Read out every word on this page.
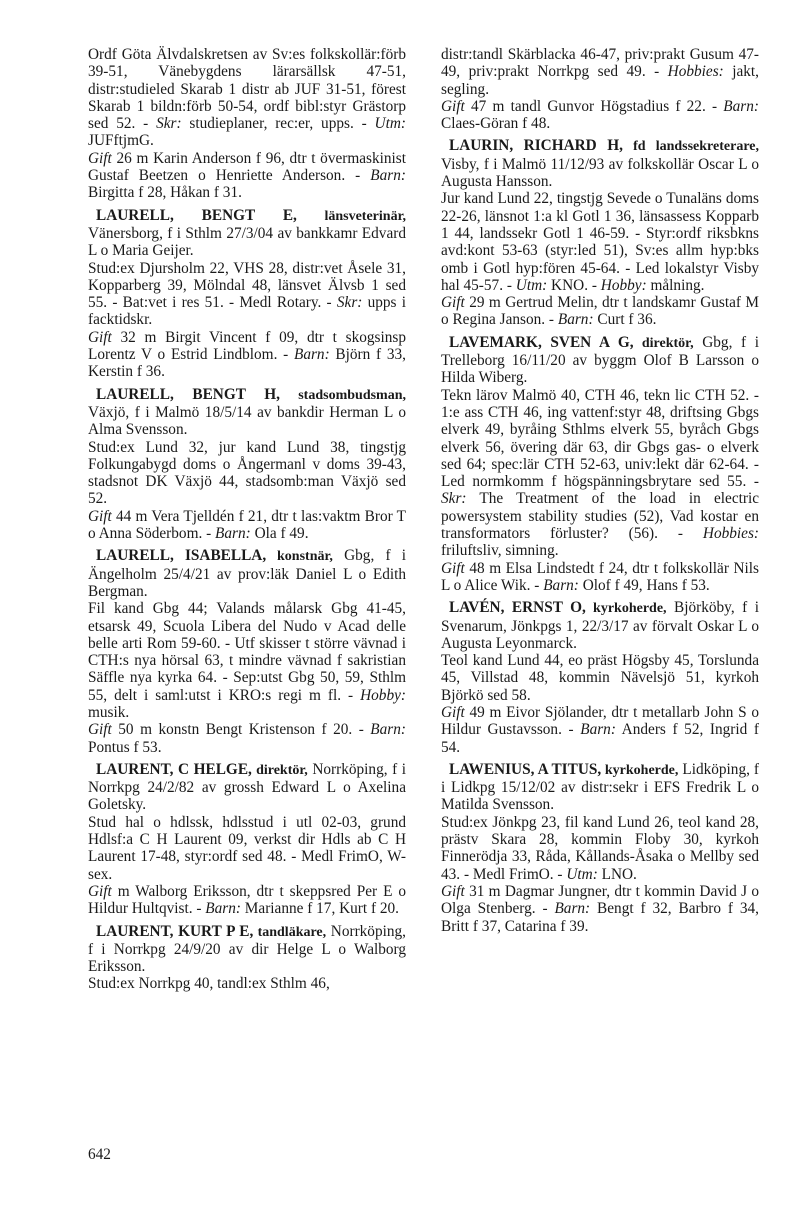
Ordf Göta Älvdalskretsen av Sv:es folkskollär:förb 39-51, Vänebygdens lärarsällsk 47-51, distr:studieled Skarab 1 distr ab JUF 31-51, förest Skarab 1 bildn:förb 50-54, ordf bibl:styr Grästorp sed 52. - Skr: studieplaner, rec:er, upps. - Utm: JUFftjmG.

Gift 26 m Karin Anderson f 96, dtr t övermaskinist Gustaf Beetzen o Henriette Anderson. - Barn: Birgitta f 28, Håkan f 31.

LAURELL, BENGT E, länsveterinär, Vänersborg, f i Sthlm 27/3/04 av bankkamr Edvard L o Maria Geijer.

Stud:ex Djursholm 22, VHS 28, distr:vet Åsele 31, Kopparberg 39, Mölndal 48, länsvet Älvsb 1 sed 55. - Bat:vet i res 51. - Medl Rotary. - Skr: upps i facktidskr.

Gift 32 m Birgit Vincent f 09, dtr t skogsinsp Lorentz V o Estrid Lindblom. - Barn: Björn f 33, Kerstin f 36.

LAURELL, BENGT H, stadsombudsman, Växjö, f i Malmö 18/5/14 av bankdir Herman L o Alma Svensson.

Stud:ex Lund 32, jur kand Lund 38, tingstjg Folkungabygd doms o Ångermanl v doms 39-43, stadsnot DK Växjö 44, stadsomb:man Växjö sed 52.

Gift 44 m Vera Tjelldén f 21, dtr t las:vaktm Bror T o Anna Söderbom. - Barn: Ola f 49.

LAURELL, ISABELLA, konstnär, Gbg, f i Ängelholm 25/4/21 av prov:läk Daniel L o Edith Bergman.

Fil kand Gbg 44; Valands målarsk Gbg 41-45, etsarsk 49, Scuola Libera del Nudo v Acad delle belle arti Rom 59-60. - Utf skisser t större vävnad i CTH:s nya hörsal 63, t mindre vävnad f sakristian Säffle nya kyrka 64. - Sep:utst Gbg 50, 59, Sthlm 55, delt i saml:utst i KRO:s regi m fl. - Hobby: musik.

Gift 50 m konstn Bengt Kristenson f 20. - Barn: Pontus f 53.

LAURENT, C HELGE, direktör, Norrköping, f i Norrkpg 24/2/82 av grossh Edward L o Axelina Goletsky.

Stud hal o hdlssk, hdlsstud i utl 02-03, grund Hdlsf:a C H Laurent 09, verkst dir Hdls ab C H Laurent 17-48, styr:ordf sed 48. - Medl FrimO, W-sex.

Gift m Walborg Eriksson, dtr t skeppsred Per E o Hildur Hultqvist. - Barn: Marianne f 17, Kurt f 20.

LAURENT, KURT P E, tandläkare, Norrköping, f i Norrkpg 24/9/20 av dir Helge L o Walborg Eriksson.

Stud:ex Norrkpg 40, tandl:ex Sthlm 46,

distr:tandl Skärblacka 46-47, priv:prakt Gusum 47-49, priv:prakt Norrkpg sed 49. - Hobbies: jakt, segling.

Gift 47 m tandl Gunvor Högstadius f 22. - Barn: Claes-Göran f 48.

LAURIN, RICHARD H, fd landssekreterare, Visby, f i Malmö 11/12/93 av folkskollär Oscar L o Augusta Hansson.

Jur kand Lund 22, tingstjg Sevede o Tunaläns doms 22-26, länsnot 1:a kl Gotl 1 36, länsassess Kopparb 1 44, landssekr Gotl 1 46-59. - Styr:ordf riksbkns avd:kont 53-63 (styr:led 51), Sv:es allm hyp:bks omb i Gotl hyp:fören 45-64. - Led lokalstyr Visby hal 45-57. - Utm: KNO. - Hobby: målning.

Gift 29 m Gertrud Melin, dtr t landskamr Gustaf M o Regina Janson. - Barn: Curt f 36.

LAVEMARK, SVEN A G, direktör, Gbg, f i Trelleborg 16/11/20 av byggm Olof B Larsson o Hilda Wiberg.

Tekn lärov Malmö 40, CTH 46, tekn lic CTH 52. - 1:e ass CTH 46, ing vattenf:styr 48, driftsing Gbgs elverk 49, byråing Sthlms elverk 55, byråch Gbgs elverk 56, övering där 63, dir Gbgs gas- o elverk sed 64; spec:lär CTH 52-63, univ:lekt där 62-64. - Led normkomm f högspänningsbrytare sed 55. - Skr: The Treatment of the load in electric powersystem stability studies (52), Vad kostar en transformators förluster? (56). - Hobbies: friluftsliv, simning.

Gift 48 m Elsa Lindstedt f 24, dtr t folkskollär Nils L o Alice Wik. - Barn: Olof f 49, Hans f 53.

LAVÉN, ERNST O, kyrkoherde, Björköby, f i Svenarum, Jönkpgs 1, 22/3/17 av förvalt Oskar L o Augusta Leyonmarck.

Teol kand Lund 44, eo präst Högsby 45, Torslunda 45, Villstad 48, kommin Nävelsjö 51, kyrkoh Björkö sed 58.

Gift 49 m Eivor Sjölander, dtr t metallarb John S o Hildur Gustavsson. - Barn: Anders f 52, Ingrid f 54.

LAWENIUS, A TITUS, kyrkoherde, Lidköping, f i Lidkpg 15/12/02 av distr:sekr i EFS Fredrik L o Matilda Svensson.

Stud:ex Jönkpg 23, fil kand Lund 26, teol kand 28, prästv Skara 28, kommin Floby 30, kyrkoh Finnerödja 33, Råda, Kållands-Åsaka o Mellby sed 43. - Medl FrimO. - Utm: LNO.

Gift 31 m Dagmar Jungner, dtr t kommin David J o Olga Stenberg. - Barn: Bengt f 32, Barbro f 34, Britt f 37, Catarina f 39.

642
